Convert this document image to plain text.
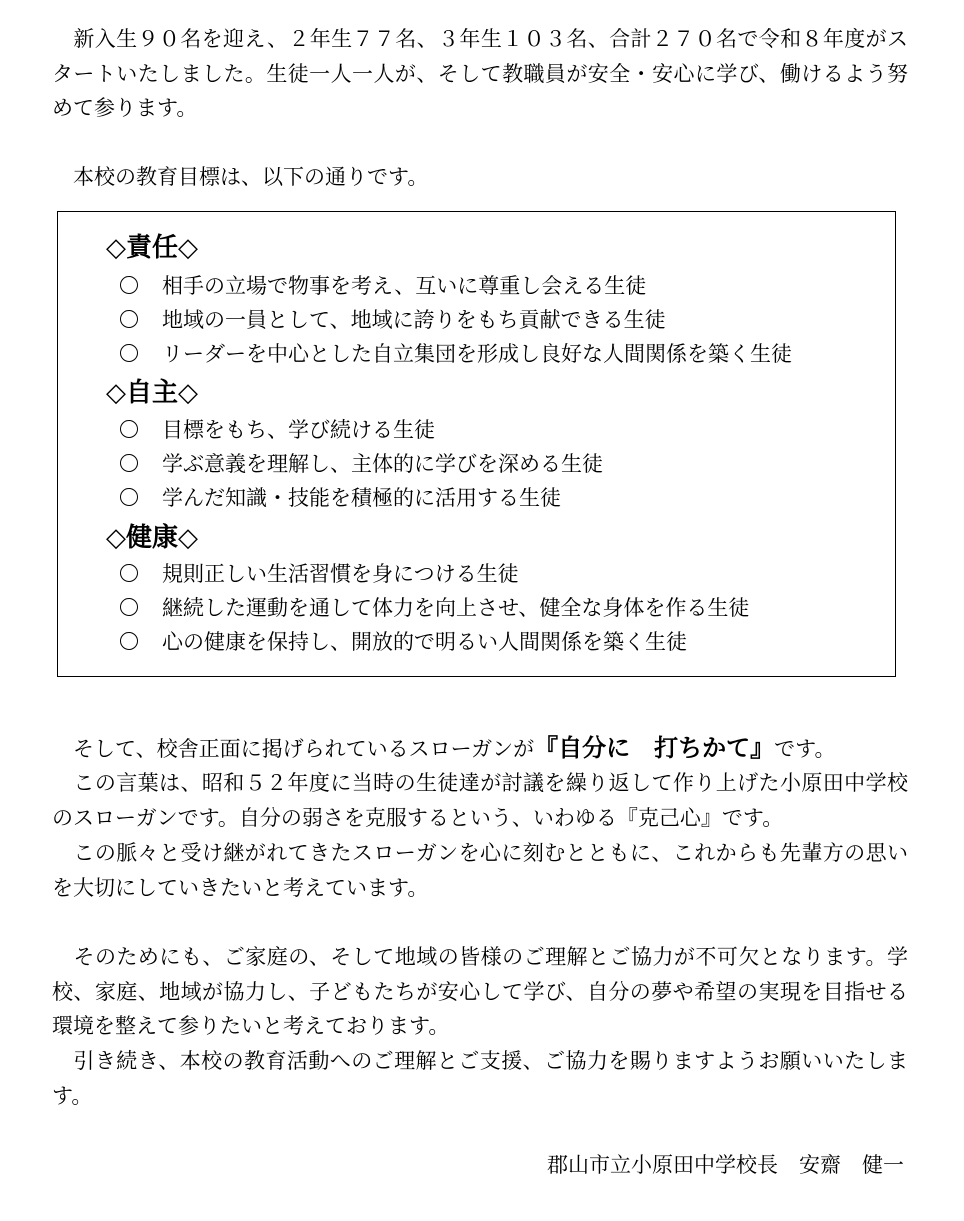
　新入生９０名を迎え、２年生７７名、３年生１０３名、合計２７０名で令和８年度がスタートいたしました。生徒一人一人が、そして教職員が安全・安心に学び、働けるよう努めて参ります。

　本校の教育目標は、以下の通りです。

◇責任◇

相手の立場で物事を考え、互いに尊重し会える生徒

地域の一員として、地域に誇りをもち貢献できる生徒

リーダーを中心とした自立集団を形成し良好な人間関係を築く生徒

◇自主◇

目標をもち、学び続ける生徒

学ぶ意義を理解し、主体的に学びを深める生徒

学んだ知識・技能を積極的に活用する生徒

◇健康◇

規則正しい生活習慣を身につける生徒

継続した運動を通して体力を向上させ、健全な身体を作る生徒

心の健康を保持し、開放的で明るい人間関係を築く生徒

　そして、校舎正面に掲げられているスローガンが『自分に　打ちかて』です。

　この言葉は、昭和５２年度に当時の生徒達が討議を繰り返して作り上げた小原田中学校のスローガンです。自分の弱さを克服するという、いわゆる『克己心』です。

　この脈々と受け継がれてきたスローガンを心に刻むとともに、これからも先輩方の思いを大切にしていきたいと考えています。

　そのためにも、ご家庭の、そして地域の皆様のご理解とご協力が不可欠となります。学校、家庭、地域が協力し、子どもたちが安心して学び、自分の夢や希望の実現を目指せる環境を整えて参りたいと考えております。

　引き続き、本校の教育活動へのご理解とご支援、ご協力を賜りますようお願いいたします。

郡山市立小原田中学校長　安齋　健一
